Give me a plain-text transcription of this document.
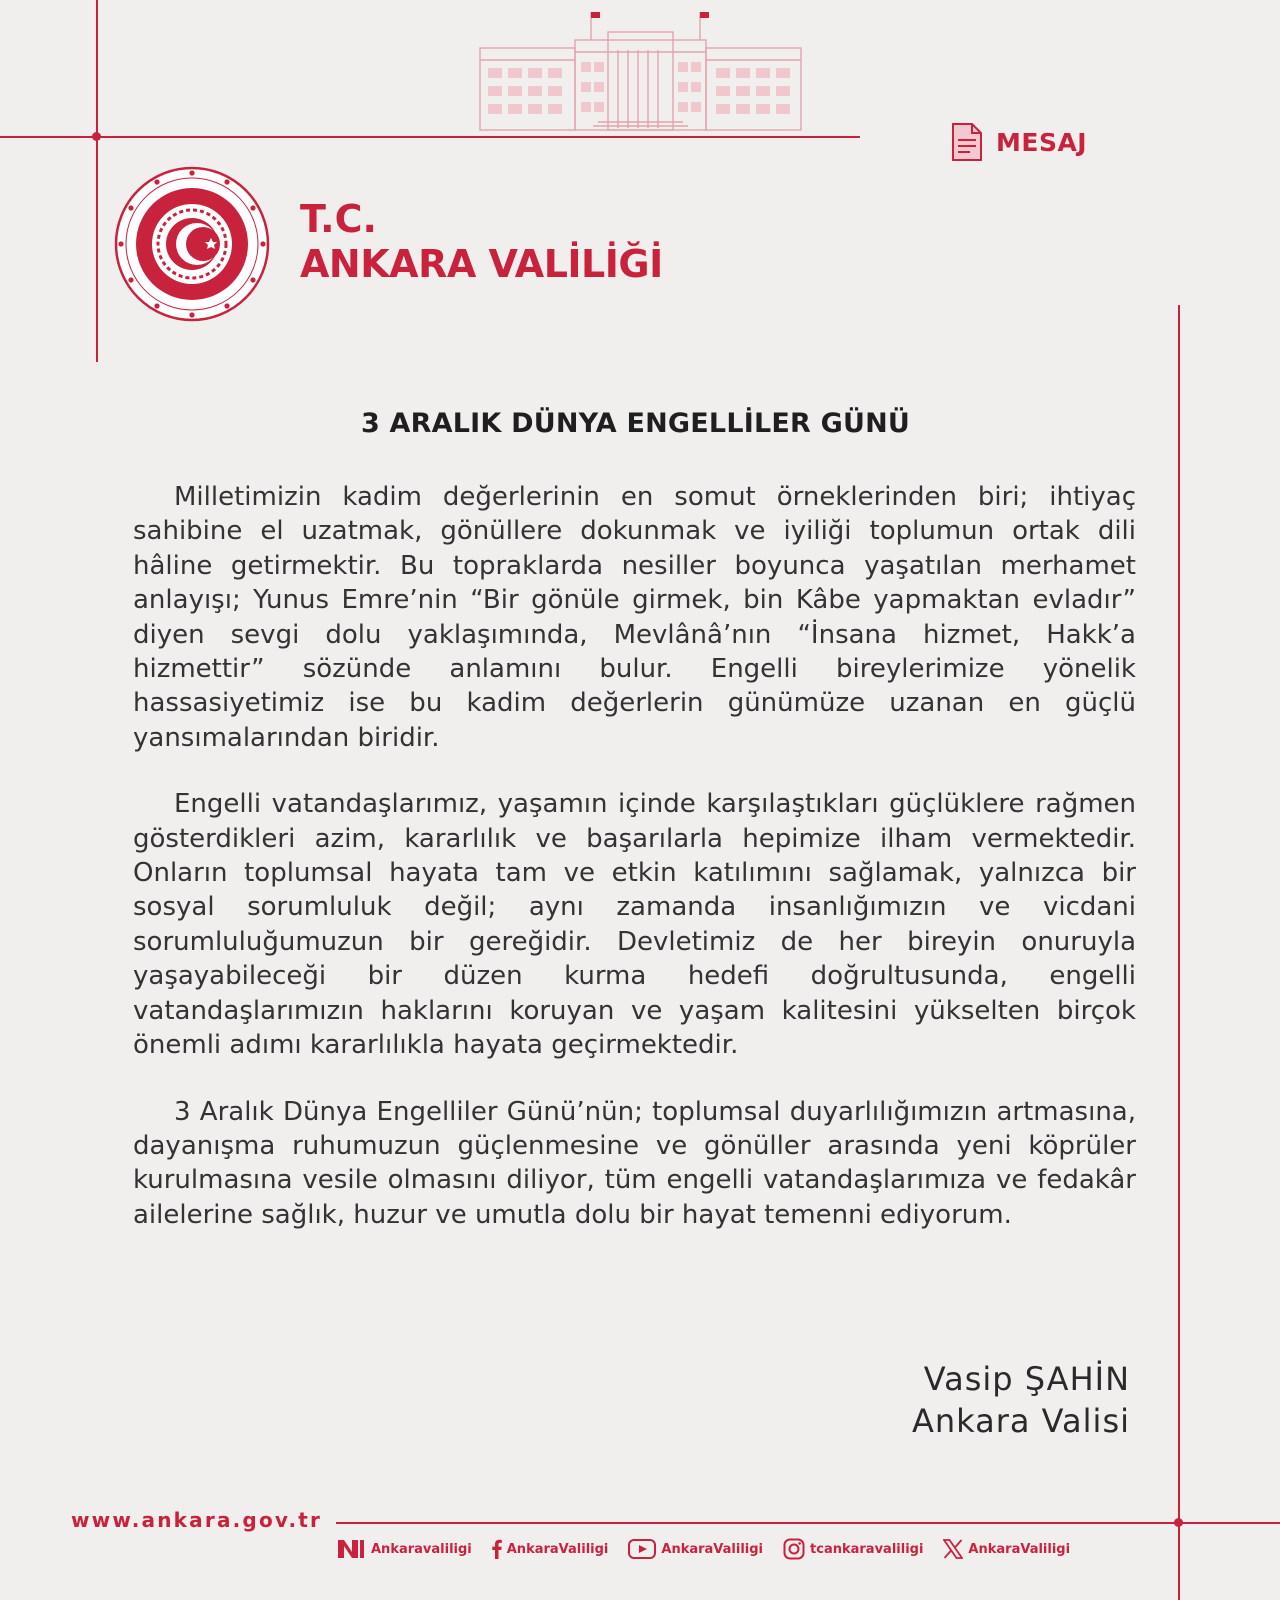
MESAJ
T.C.
ANKARA VALİLİĞİ
3 ARALIK DÜNYA ENGELLİLER GÜNÜ

Milletimizin kadim değerlerinin en somut örneklerinden biri; ihtiyaç sahibine el uzatmak, gönüllere dokunmak ve iyiliği toplumun ortak dili hâline getirmektir. Bu topraklarda nesiller boyunca yaşatılan merhamet anlayışı; Yunus Emre’nin “Bir gönüle girmek, bin Kâbe yapmaktan evladır” diyen sevgi dolu yaklaşımında, Mevlânâ’nın “İnsana hizmet, Hakk’a hizmettir” sözünde anlamını bulur. Engelli bireylerimize yönelik hassasiyetimiz ise bu kadim değerlerin günümüze uzanan en güçlü yansımalarından biridir.

Engelli vatandaşlarımız, yaşamın içinde karşılaştıkları güçlüklere rağmen gösterdikleri azim, kararlılık ve başarılarla hepimize ilham vermektedir. Onların toplumsal hayata tam ve etkin katılımını sağlamak, yalnızca bir sosyal sorumluluk değil; aynı zamanda insanlığımızın ve vicdani sorumluluğumuzun bir gereğidir. Devletimiz de her bireyin onuruyla yaşayabileceği bir düzen kurma hedefi doğrultusunda, engelli vatandaşlarımızın haklarını koruyan ve yaşam kalitesini yükselten birçok önemli adımı kararlılıkla hayata geçirmektedir.

3 Aralık Dünya Engelliler Günü’nün; toplumsal duyarlılığımızın artmasına, dayanışma ruhumuzun güçlenmesine ve gönüller arasında yeni köprüler kurulmasına vesile olmasını diliyor, tüm engelli vatandaşlarımıza ve fedakâr ailelerine sağlık, huzur ve umutla dolu bir hayat temenni ediyorum.

Vasip ŞAHİN
Ankara Valisi
www.ankara.gov.tr
Ankaravaliligi	AnkaraValiligi	AnkaraValiligi	tcankaravaliligi	AnkaraValiligi
